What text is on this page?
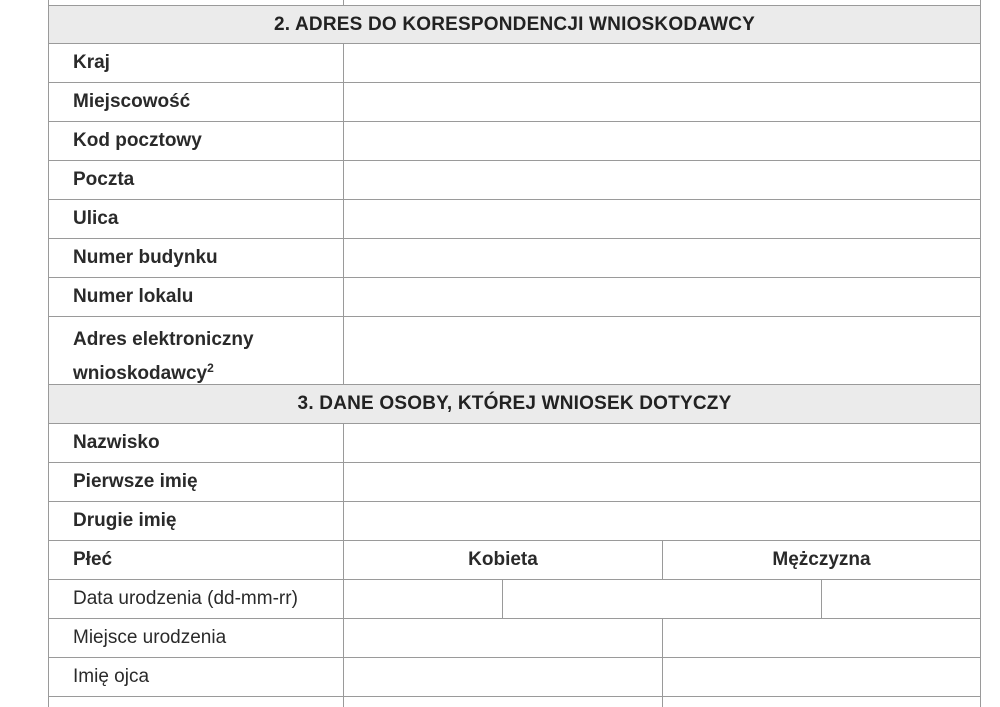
2. ADRES DO KORESPONDENCJI WNIOSKODAWCY
Kraj
Miejscowość
Kod pocztowy
Poczta
Ulica
Numer budynku
Numer lokalu
Adres elektroniczny
wnioskodawcy$^2$
3. DANE OSOBY, KTÓREJ WNIOSEK DOTYCZY
Nazwisko
Pierwsze imię
Drugie imię
Płeć	Kobieta	Mężczyzna
Data urodzenia (dd-mm-rr)
Miejsce urodzenia
Imię ojca
